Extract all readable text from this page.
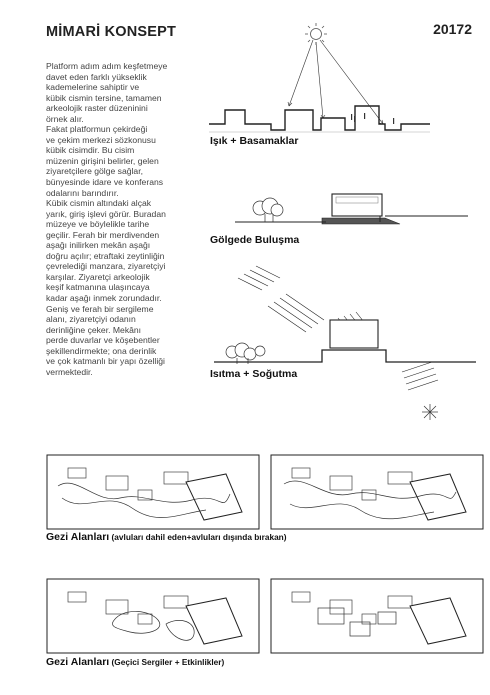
MİMARİ KONSEPT	20172
Platform adım adım keşfetmeye
davet eden farklı yükseklik
kademelerine sahiptir ve
kübik cismin tersine, tamamen
arkeolojik raster düzeninini
örnek alır.
Fakat platformun çekirdeği
ve çekim merkezi sözkonusu
kübik cisimdir. Bu cisim
müzenin girişini belirler, gelen
ziyaretçilere gölge sağlar,
bünyesinde idare ve konferans
odalarını barındırır.
Kübik cismin altındaki alçak
yarık, giriş işlevi görür. Buradan
müzeye ve böylelikle tarihe
geçilir. Ferah bir merdivenden
aşağı inilirken mekân aşağı
doğru açılır; etraftaki zeytinliğin
çevrelediği manzara, ziyaretçiyi
karşılar. Ziyaretçi arkeolojik
keşif katmanına ulaşıncaya
kadar aşağı inmek zorundadır.
Geniş ve ferah bir sergileme
alanı, ziyaretçiyi odanın
derinliğine çeker. Mekânı
perde duvarlar ve köşebentler
şekillendirmekte; ona derinlik
ve çok katmanlı bir yapı özelliği
vermektedir.
Işık + Basamaklar
Gölgede Buluşma
Isıtma + Soğutma
Gezi Alanları (avluları dahil eden+avluları dışında bırakan)
Gezi Alanları (Geçici Sergiler + Etkinlikler)
